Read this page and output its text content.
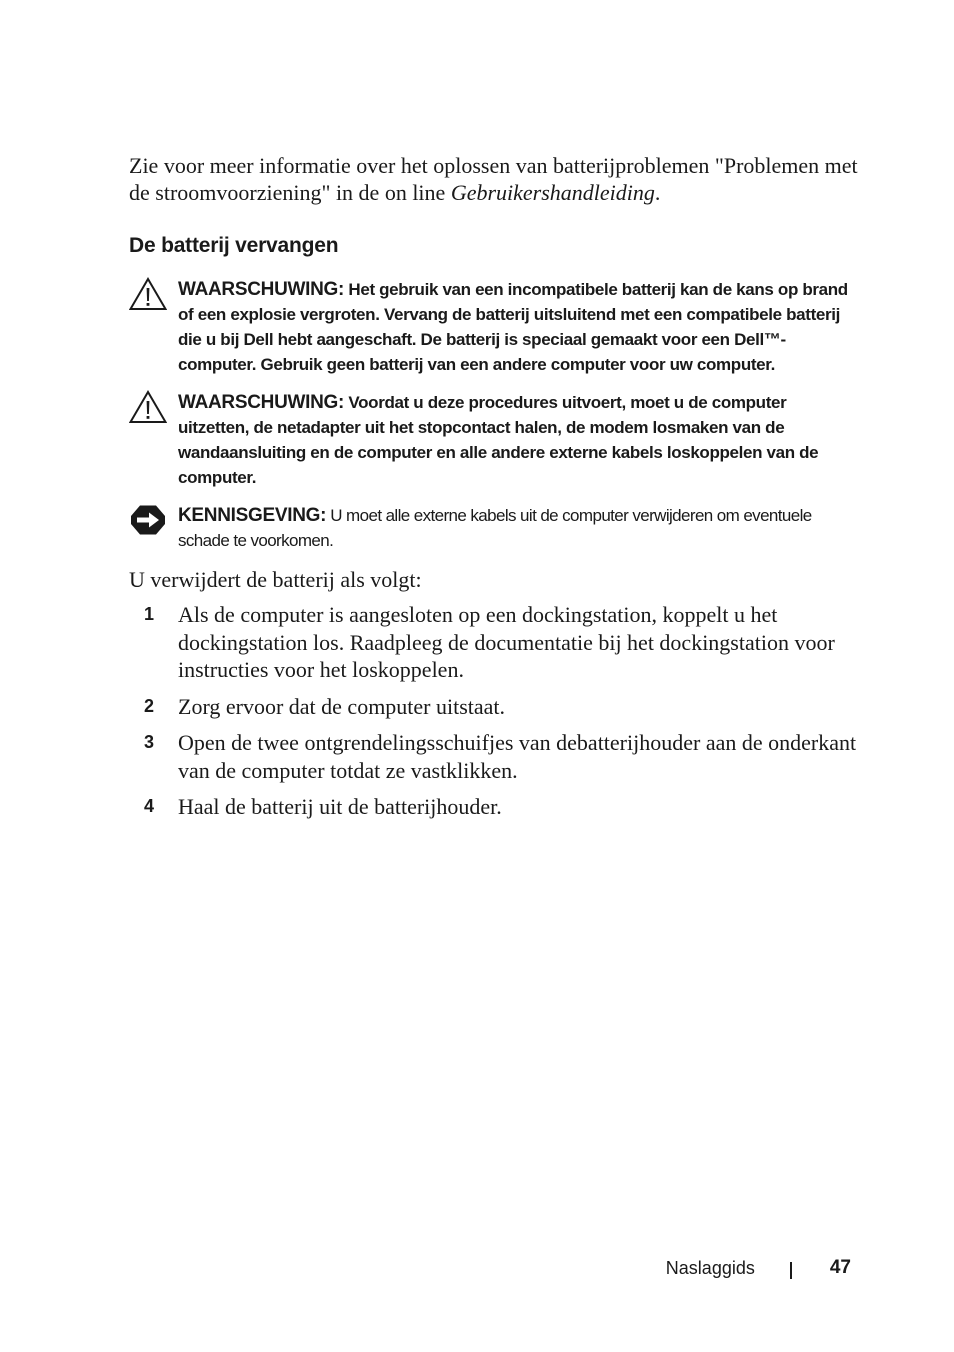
Zie voor meer informatie over het oplossen van batterijproblemen "Problemen met de stroomvoorziening" in de on line Gebruikershandleiding.

De batterij vervangen
WAARSCHUWING: Het gebruik van een incompatibele batterij kan de kans op brand of een explosie vergroten. Vervang de batterij uitsluitend met een compatibele batterij die u bij Dell hebt aangeschaft. De batterij is speciaal gemaakt voor een Dell™-computer. Gebruik geen batterij van een andere computer voor uw computer.
WAARSCHUWING: Voordat u deze procedures uitvoert, moet u de computer uitzetten, de netadapter uit het stopcontact halen, de modem losmaken van de wandaansluiting en de computer en alle andere externe kabels loskoppelen van de computer.
KENNISGEVING: U moet alle externe kabels uit de computer verwijderen om eventuele schade te voorkomen.

U verwijdert de batterij als volgt:

1 Als de computer is aangesloten op een dockingstation, koppelt u het dockingstation los. Raadpleeg de documentatie bij het dockingstation voor instructies voor het loskoppelen.
2 Zorg ervoor dat de computer uitstaat.
3 Open de twee ontgrendelingsschuifjes van debatterijhouder aan de onderkant van de computer totdat ze vastklikken.
4 Haal de batterij uit de batterijhouder.
Naslaggids	47
